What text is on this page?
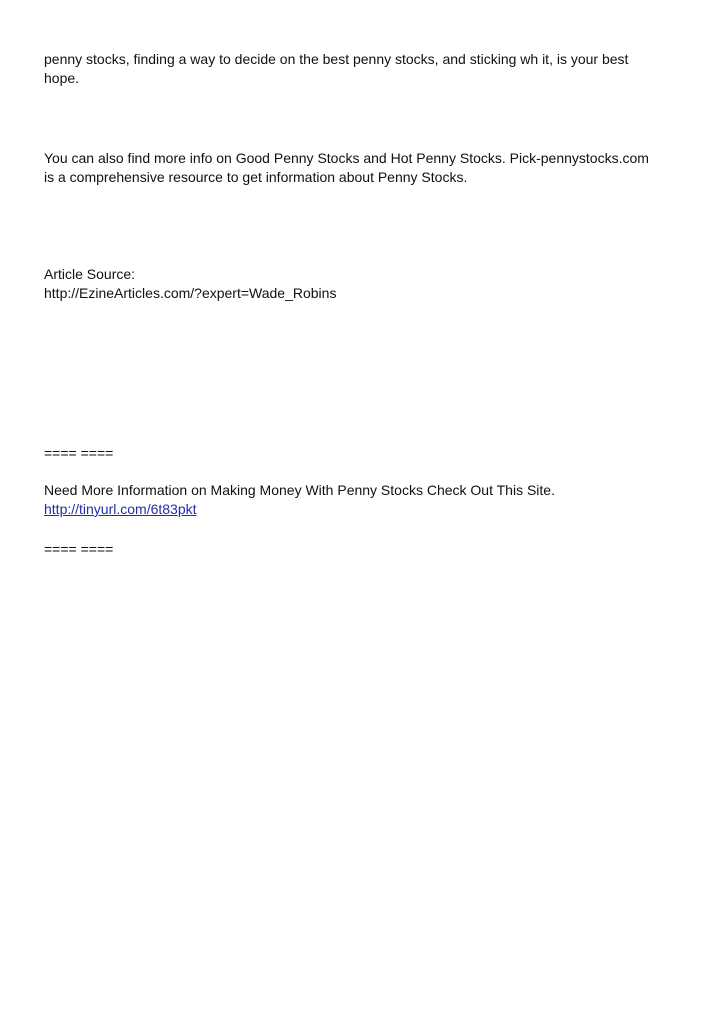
penny stocks, finding a way to decide on the best penny stocks, and sticking wh it, is your best
hope.

You can also find more info on Good Penny Stocks and Hot Penny Stocks. Pick-pennystocks.com
is a comprehensive resource to get information about Penny Stocks.

Article Source:
http://EzineArticles.com/?expert=Wade_Robins

==== ====

Need More Information on Making Money With Penny Stocks Check Out This Site.
http://tinyurl.com/6t83pkt

==== ====
